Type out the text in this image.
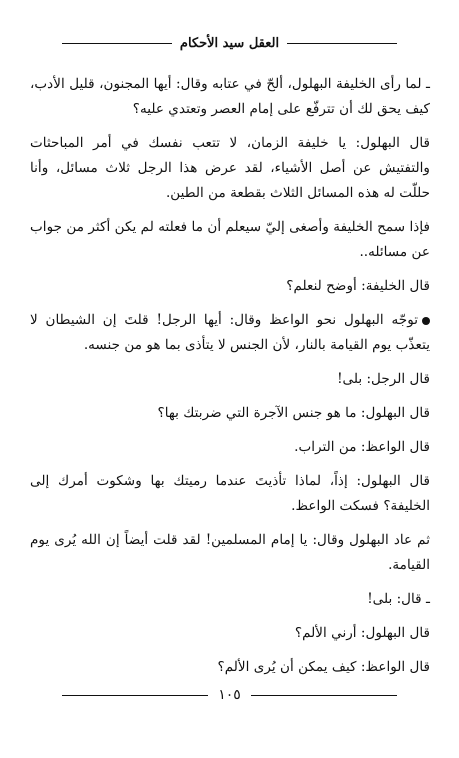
العقل سيد الأحكام

ـ لما رأى الخليفة البهلول، ألحّ في عتابه وقال: أيها المجنون، قليل الأدب، كيف يحق لك أن تترفّع على إمام العصر وتعتدي عليه؟

قال البهلول: يا خليفة الزمان، لا تتعب نفسك في أمر المباحثات والتفتيش عن أصل الأشياء، لقد عرض هذا الرجل ثلاث مسائل، وأنا حللّت له هذه المسائل الثلاث بقطعة من الطين.

فإذا سمح الخليفة وأصغى إليّ سيعلم أن ما فعلته لم يكن أكثر من جواب عن مسائله..

قال الخليفة: أوضح لنعلم؟

توجّه البهلول نحو الواعظ وقال: أيها الرجل! قلتَ إن الشيطان لا يتعذّب يوم القيامة بالنار، لأن الجنس لا يتأذى بما هو من جنسه.

قال الرجل: بلى!

قال البهلول: ما هو جنس الآجرة التي ضربتك بها؟

قال الواعظ: من التراب.

قال البهلول: إذاً، لماذا تأذيتَ عندما رميتك بها وشكوت أمرك إلى الخليفة؟ فسكت الواعظ.

ثم عاد البهلول وقال: يا إمام المسلمين! لقد قلت أيضاً إن الله يُرى يوم القيامة.

ـ قال: بلى!

قال البهلول: أرني الألم؟

قال الواعظ: كيف يمكن أن يُرى الألم؟

١٠٥
